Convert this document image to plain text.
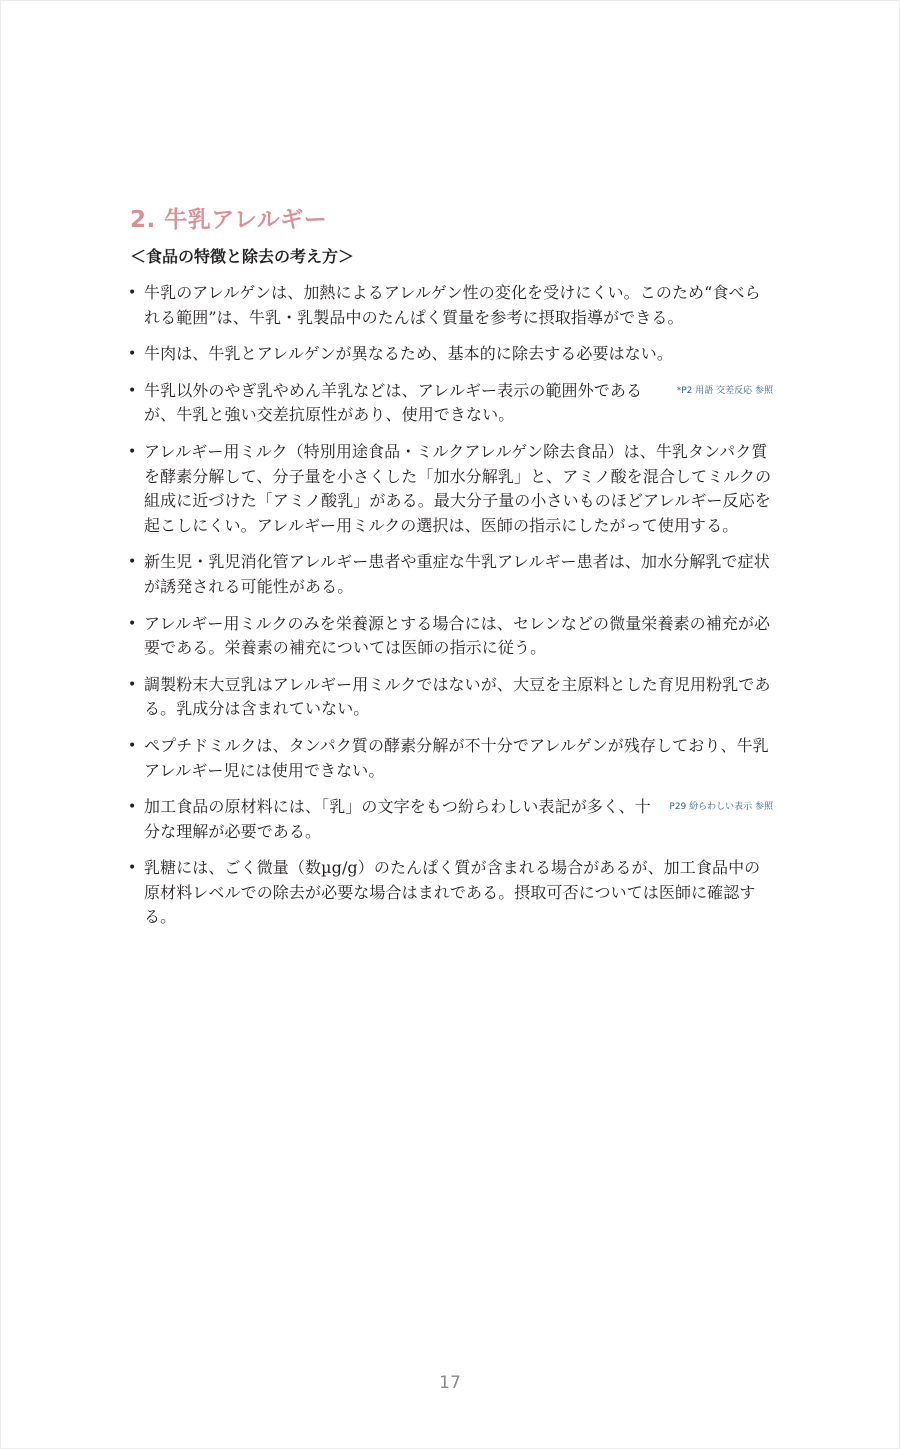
2. 牛乳アレルギー
＜食品の特徴と除去の考え方＞
• 牛乳のアレルゲンは、加熱によるアレルゲン性の変化を受けにくい。このため“食べられる範囲”は、牛乳・乳製品中のたんぱく質量を参考に摂取指導ができる。
• 牛肉は、牛乳とアレルゲンが異なるため、基本的に除去する必要はない。
•	*P2 用語 交差反応 参照
牛乳以外のやぎ乳やめん羊乳などは、アレルギー表示の範囲外であるが、牛乳と強い交差抗原性があり、使用できない。
• アレルギー用ミルク（特別用途食品・ミルクアレルゲン除去食品）は、牛乳タンパク質を酵素分解して、分子量を小さくした「加水分解乳」と、アミノ酸を混合してミルクの組成に近づけた「アミノ酸乳」がある。最大分子量の小さいものほどアレルギー反応を起こしにくい。アレルギー用ミルクの選択は、医師の指示にしたがって使用する。
• 新生児・乳児消化管アレルギー患者や重症な牛乳アレルギー患者は、加水分解乳で症状が誘発される可能性がある。
• アレルギー用ミルクのみを栄養源とする場合には、セレンなどの微量栄養素の補充が必要である。栄養素の補充については医師の指示に従う。
• 調製粉末大豆乳はアレルギー用ミルクではないが、大豆を主原料とした育児用粉乳である。乳成分は含まれていない。
• ペプチドミルクは、タンパク質の酵素分解が不十分でアレルゲンが残存しており、牛乳アレルギー児には使用できない。
•	P29 紛らわしい表示 参照
加工食品の原材料には、「乳」の文字をもつ紛らわしい表記が多く、十分な理解が必要である。
• 乳糖には、ごく微量（数µg/g）のたんぱく質が含まれる場合があるが、加工食品中の原材料レベルでの除去が必要な場合はまれである。摂取可否については医師に確認する。
17
